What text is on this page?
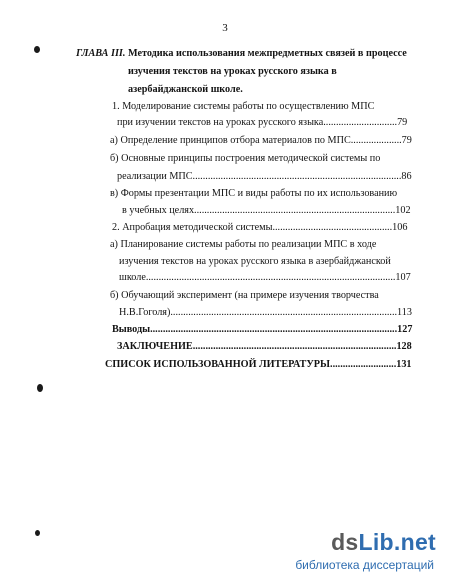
3
ГЛАВА III. Методика использования межпредметных связей в процессе
изучения текстов на уроках русского языка в
азербайджанской школе.
1. Моделирование системы работы по осуществлению МПС
при изучении текстов на уроках русского языка.............................79
а) Определение принципов отбора материалов по МПС....................79
б) Основные принципы построения методической системы по
реализации МПС..................................................................................86
в) Формы презентации МПС и виды работы по их использованию
в учебных целях...............................................................................102
2. Апробация методической системы...............................................106
а) Планирование системы работы по реализации МПС в ходе
изучения текстов на уроках русского языка в азербайджанской
школе..................................................................................................107
б) Обучающий эксперимент (на примере изучения творчества
Н.В.Гоголя).........................................................................................113
Выводы.................................................................................................127
ЗАКЛЮЧЕНИЕ................................................................................128
СПИСОК ИСПОЛЬЗОВАННОЙ ЛИТЕРАТУРЫ..........................131
dsLib.net
библиотека диссертаций
